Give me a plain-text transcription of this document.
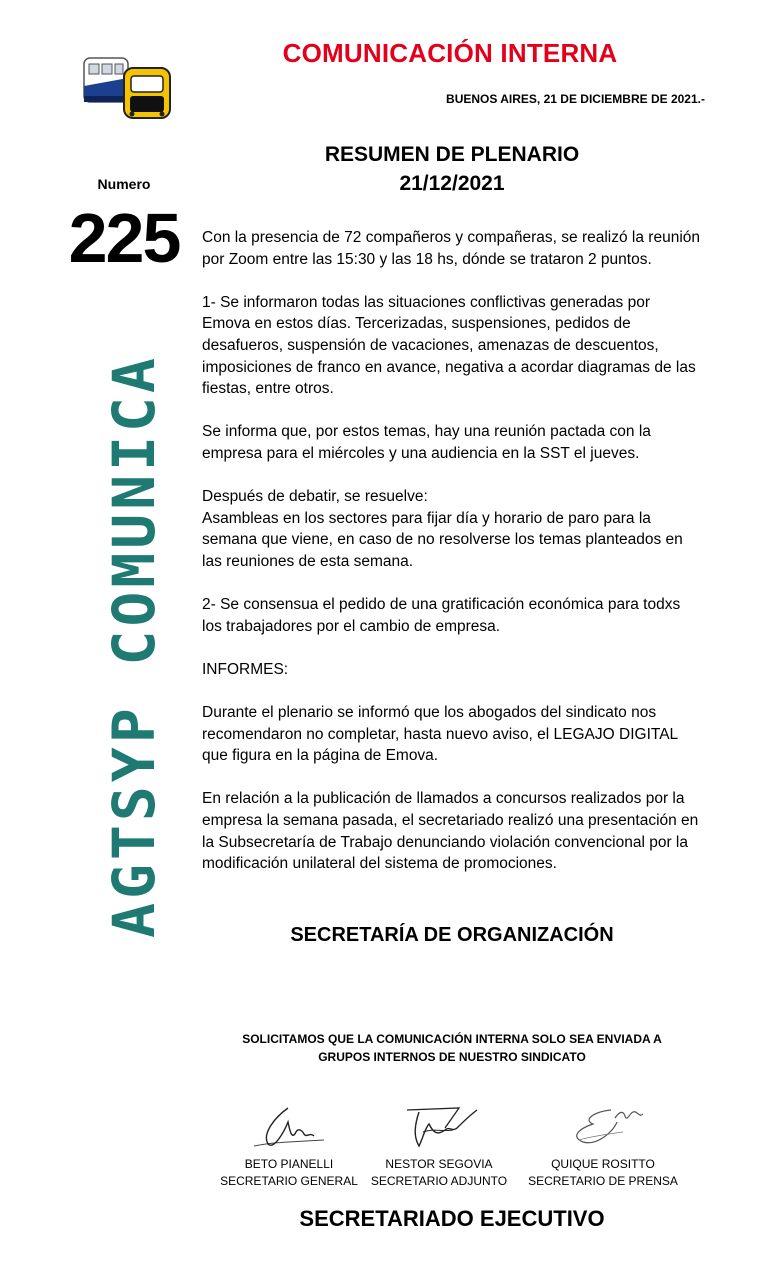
COMUNICACIÓN INTERNA
BUENOS AIRES, 21 DE DICIEMBRE DE 2021.-
Numero
225
AGTSYP COMUNICA
RESUMEN DE PLENARIO
21/12/2021

Con la presencia de 72 compañeros y compañeras, se realizó la reunión por Zoom entre las 15:30 y las 18 hs, dónde se trataron 2 puntos.

1- Se informaron todas las situaciones conflictivas generadas por Emova en estos días. Tercerizadas, suspensiones, pedidos de desafueros, suspensión de vacaciones, amenazas de descuentos, imposiciones de franco en avance, negativa a acordar diagramas de las fiestas, entre otros.

Se informa que, por estos temas, hay una reunión pactada con la empresa para el miércoles y una audiencia en la SST el jueves.

Después de debatir, se resuelve:
Asambleas en los sectores para fijar día y horario de paro para la semana que viene, en caso de no resolverse los temas planteados en las reuniones de esta semana.

2- Se consensua el pedido de una gratificación económica para todxs los trabajadores por el cambio de empresa.

INFORMES:

Durante el plenario se informó que los abogados del sindicato nos recomendaron no completar, hasta nuevo aviso, el LEGAJO DIGITAL que figura en la página de Emova.

En relación a la publicación de llamados a concursos realizados por la empresa la semana pasada, el secretariado realizó una presentación en la Subsecretaría de Trabajo denunciando violación convencional por la modificación unilateral del sistema de promociones.

SECRETARÍA DE ORGANIZACIÓN
SOLICITAMOS QUE LA COMUNICACIÓN INTERNA SOLO SEA ENVIADA A
GRUPOS INTERNOS DE NUESTRO SINDICATO
BETO PIANELLI
SECRETARIO GENERAL
NESTOR SEGOVIA
SECRETARIO ADJUNTO
QUIQUE ROSITTO
SECRETARIO DE PRENSA
SECRETARIADO EJECUTIVO
